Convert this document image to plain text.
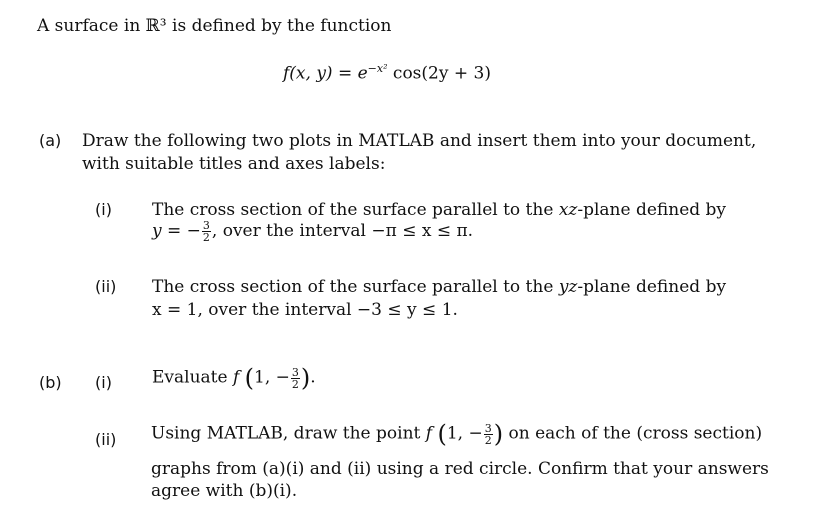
A surface in ℝ³ is defined by the function
f(x, $y) = e^{-x^2}$ cos(2y + 3)
(a) Draw the following two plots in MATLAB and insert them into your document,
with suitable titles and axes labels:
(i) The cross section of the surface parallel to the xz-plane defined by
y = − $\frac{3}{2}$ , over the interval −π ≤ x ≤ π.
(ii) The cross section of the surface parallel to the yz-plane defined by
x = 1, over the interval −3 ≤ y ≤ 1.
(b) (i) Evaluate f (1, − $\frac{3}{2}$ ).
(ii) Using MATLAB, draw the point f (1, − $\frac{3}{2}$ ) on each of the (cross section)
graphs from (a)(i) and (ii) using a red circle. Confirm that your answers
agree with (b)(i).
